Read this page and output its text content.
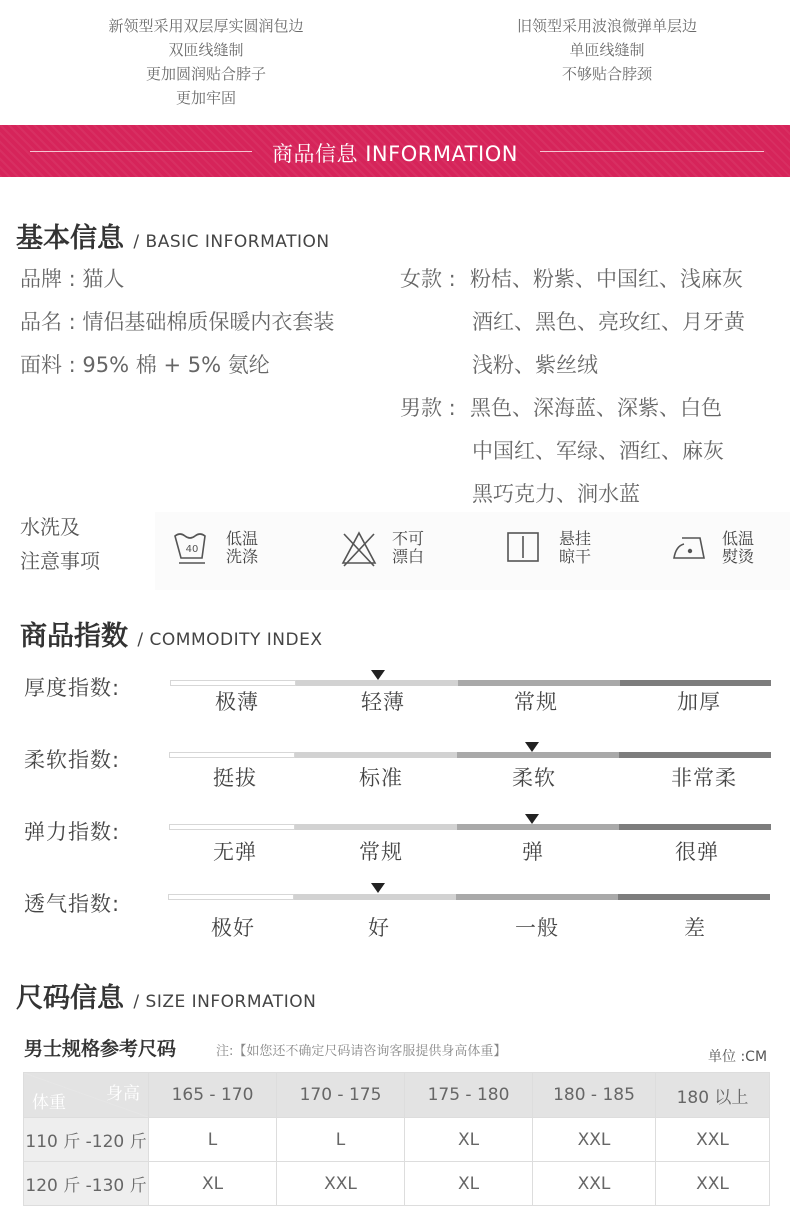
新领型采用双层厚实圆润包边
双匝线缝制
更加圆润贴合脖子
更加牢固
旧领型采用波浪微弹单层边
单匝线缝制
不够贴合脖颈
商品信息 INFORMATION
基本信息 / BASIC INFORMATION
品牌 : 猫人
品名 : 情侣基础棉质保暖内衣套装
面料 : 95% 棉 + 5% 氨纶
女款 : 粉桔、粉紫、中国红、浅麻灰
酒红、黑色、亮玫红、月牙黄
浅粉、紫丝绒
男款 : 黑色、深海蓝、深紫、白色
中国红、军绿、酒红、麻灰
黑巧克力、涧水蓝
水洗及
注意事项	40
低温
洗涤
不可
漂白
悬挂
晾干
低温
熨烫
商品指数 / COMMODITY INDEX
厚度指数:
极薄	轻薄	常规	加厚
柔软指数:
挺拔	标准	柔软	非常柔
弹力指数:
无弹	常规	弹	很弹
透气指数:
极好	好	一般	差
尺码信息 / SIZE INFORMATION
男士规格参考尺码	注:【如您还不确定尺码请咨询客服提供身高体重】	单位 :CM
身高
体重	165 - 170	170 - 175	175 - 180	180 - 185	180 以上
110 斤 -120 斤	L	L	XL	XXL	XXL
120 斤 -130 斤	XL	XXL	XL	XXL	XXL
